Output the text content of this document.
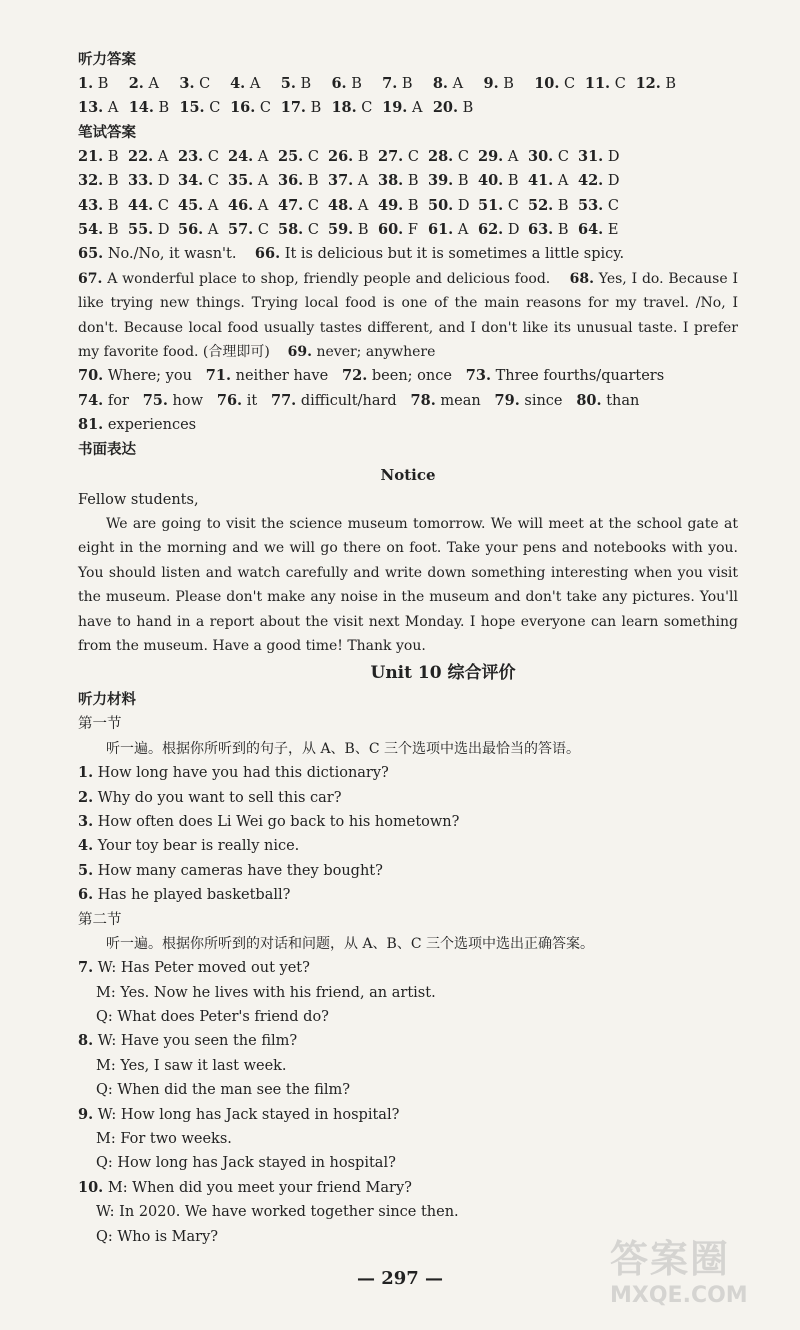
听力答案
1. B	2. A	3. C	4. A	5. B	6. B	7. B	8. A	9. B	10. C 11. C 12. B
13. A 14. B 15. C 16. C 17. B 18. C 19. A 20. B
笔试答案
21. B 22. A 23. C 24. A 25. C 26. B 27. C 28. C 29. A 30. C 31. D
32. B 33. D 34. C 35. A 36. B 37. A 38. B 39. B 40. B 41. A 42. D
43. B 44. C 45. A 46. A 47. C 48. A 49. B 50. D 51. C 52. B 53. C
54. B 55. D 56. A 57. C 58. C 59. B 60. F 61. A 62. D 63. B 64. E
65. No./No, it wasn't.    66. It is delicious but it is sometimes a little spicy.

67. A wonderful place to shop, friendly people and delicious food.    68. Yes, I do. Because I like trying new things. Trying local food is one of the main reasons for my travel. /No, I don't. Because local food usually tastes different, and I don't like its unusual taste. I prefer my favorite food. (合理即可)    69. never; anywhere

70. Where; you 71. neither have 72. been; once 73. Three fourths/quarters
74. for 75. how 76. it 77. difficult/hard 78. mean 79. since 80. than
81. experiences
书面表达
Notice
Fellow students,

We are going to visit the science museum tomorrow. We will meet at the school gate at eight in the morning and we will go there on foot. Take your pens and notebooks with you. You should listen and watch carefully and write down something interesting when you visit the museum. Please don't make any noise in the museum and don't take any pictures. You'll have to hand in a report about the visit next Monday. I hope everyone can learn something from the museum. Have a good time! Thank you.

Unit 10 综合评价
听力材料
第一节

听一遍。根据你所听到的句子，从 A、B、C 三个选项中选出最恰当的答语。

1. How long have you had this dictionary?
2. Why do you want to sell this car?
3. How often does Li Wei go back to his hometown?
4. Your toy bear is really nice.
5. How many cameras have they bought?
6. Has he played basketball?
第二节

听一遍。根据你所听到的对话和问题，从 A、B、C 三个选项中选出正确答案。

7. W: Has Peter moved out yet?
M: Yes. Now he lives with his friend, an artist.
Q: What does Peter's friend do?
8. W: Have you seen the film?
M: Yes, I saw it last week.
Q: When did the man see the film?
9. W: How long has Jack stayed in hospital?
M: For two weeks.
Q: How long has Jack stayed in hospital?
10. M: When did you meet your friend Mary?
W: In 2020. We have worked together since then.
Q: Who is Mary?
— 297 —	答案圈
MXQE.COM
